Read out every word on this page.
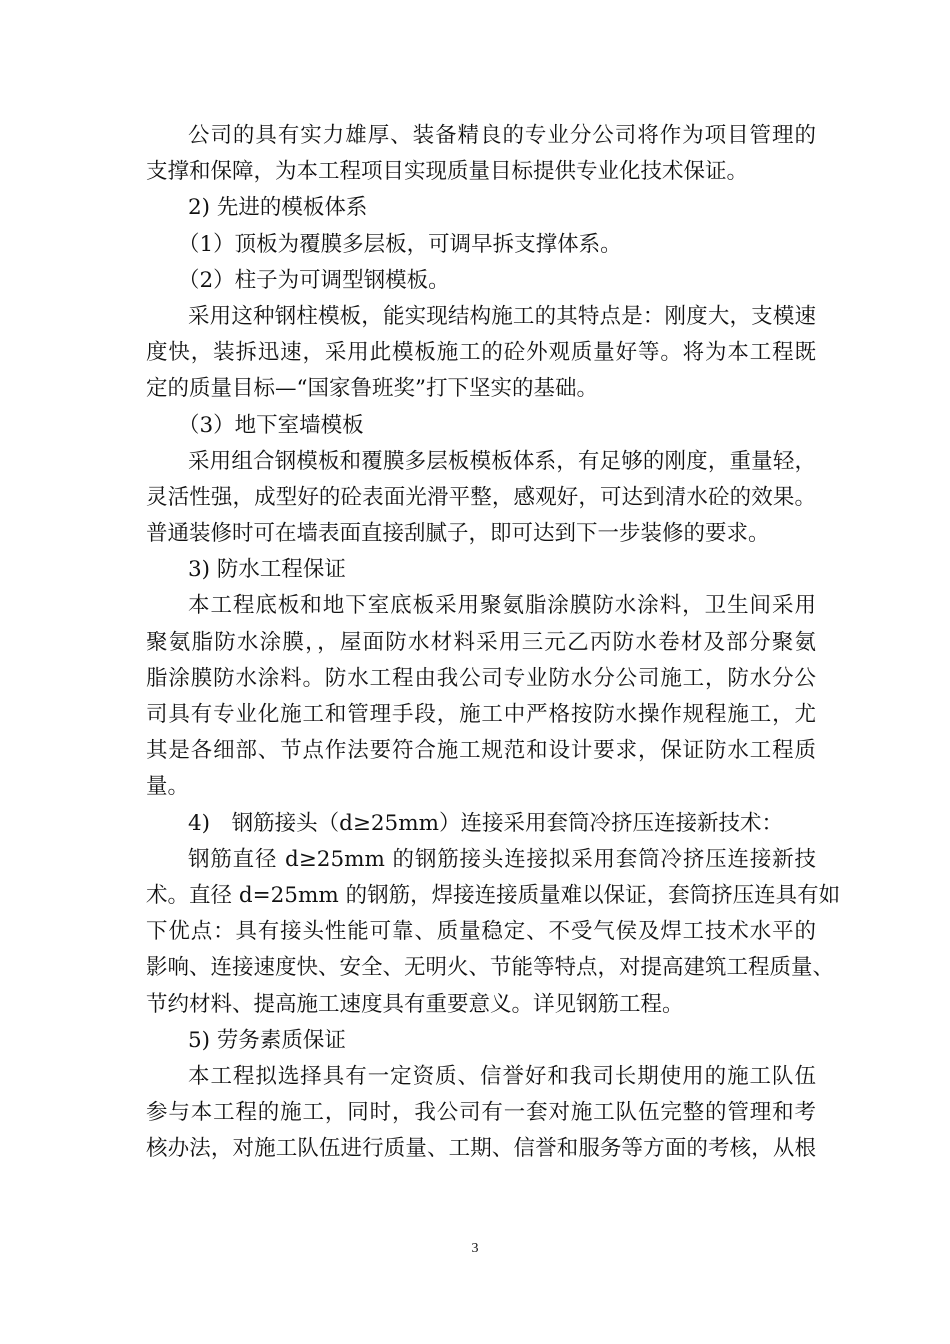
公司的具有实力雄厚、装备精良的专业分公司将作为项目管理的
支撑和保障，为本工程项目实现质量目标提供专业化技术保证。
2) 先进的模板体系
（1）顶板为覆膜多层板，可调早拆支撑体系。
（2）柱子为可调型钢模板。
采用这种钢柱模板，能实现结构施工的其特点是：刚度大，支模速
度快，装拆迅速，采用此模板施工的砼外观质量好等。将为本工程既
定的质量目标—“国家鲁班奖”打下坚实的基础。
（3）地下室墙模板
采用组合钢模板和覆膜多层板模板体系，有足够的刚度，重量轻，
灵活性强，成型好的砼表面光滑平整，感观好，可达到清水砼的效果。
普通装修时可在墙表面直接刮腻子，即可达到下一步装修的要求。
3) 防水工程保证
本工程底板和地下室底板采用聚氨脂涂膜防水涂料，卫生间采用
聚氨脂防水涂膜，，屋面防水材料采用三元乙丙防水卷材及部分聚氨
脂涂膜防水涂料。防水工程由我公司专业防水分公司施工，防水分公
司具有专业化施工和管理手段，施工中严格按防水操作规程施工，尤
其是各细部、节点作法要符合施工规范和设计要求，保证防水工程质
量。
4)　钢筋接头（d≥25mm）连接采用套筒冷挤压连接新技术：
钢筋直径 d≥25mm 的钢筋接头连接拟采用套筒冷挤压连接新技
术。直径 d=25mm 的钢筋，焊接连接质量难以保证，套筒挤压连具有如
下优点：具有接头性能可靠、质量稳定、不受气侯及焊工技术水平的
影响、连接速度快、安全、无明火、节能等特点，对提高建筑工程质量、
节约材料、提高施工速度具有重要意义。详见钢筋工程。
5) 劳务素质保证
本工程拟选择具有一定资质、信誉好和我司长期使用的施工队伍
参与本工程的施工，同时，我公司有一套对施工队伍完整的管理和考
核办法，对施工队伍进行质量、工期、信誉和服务等方面的考核，从根
3
